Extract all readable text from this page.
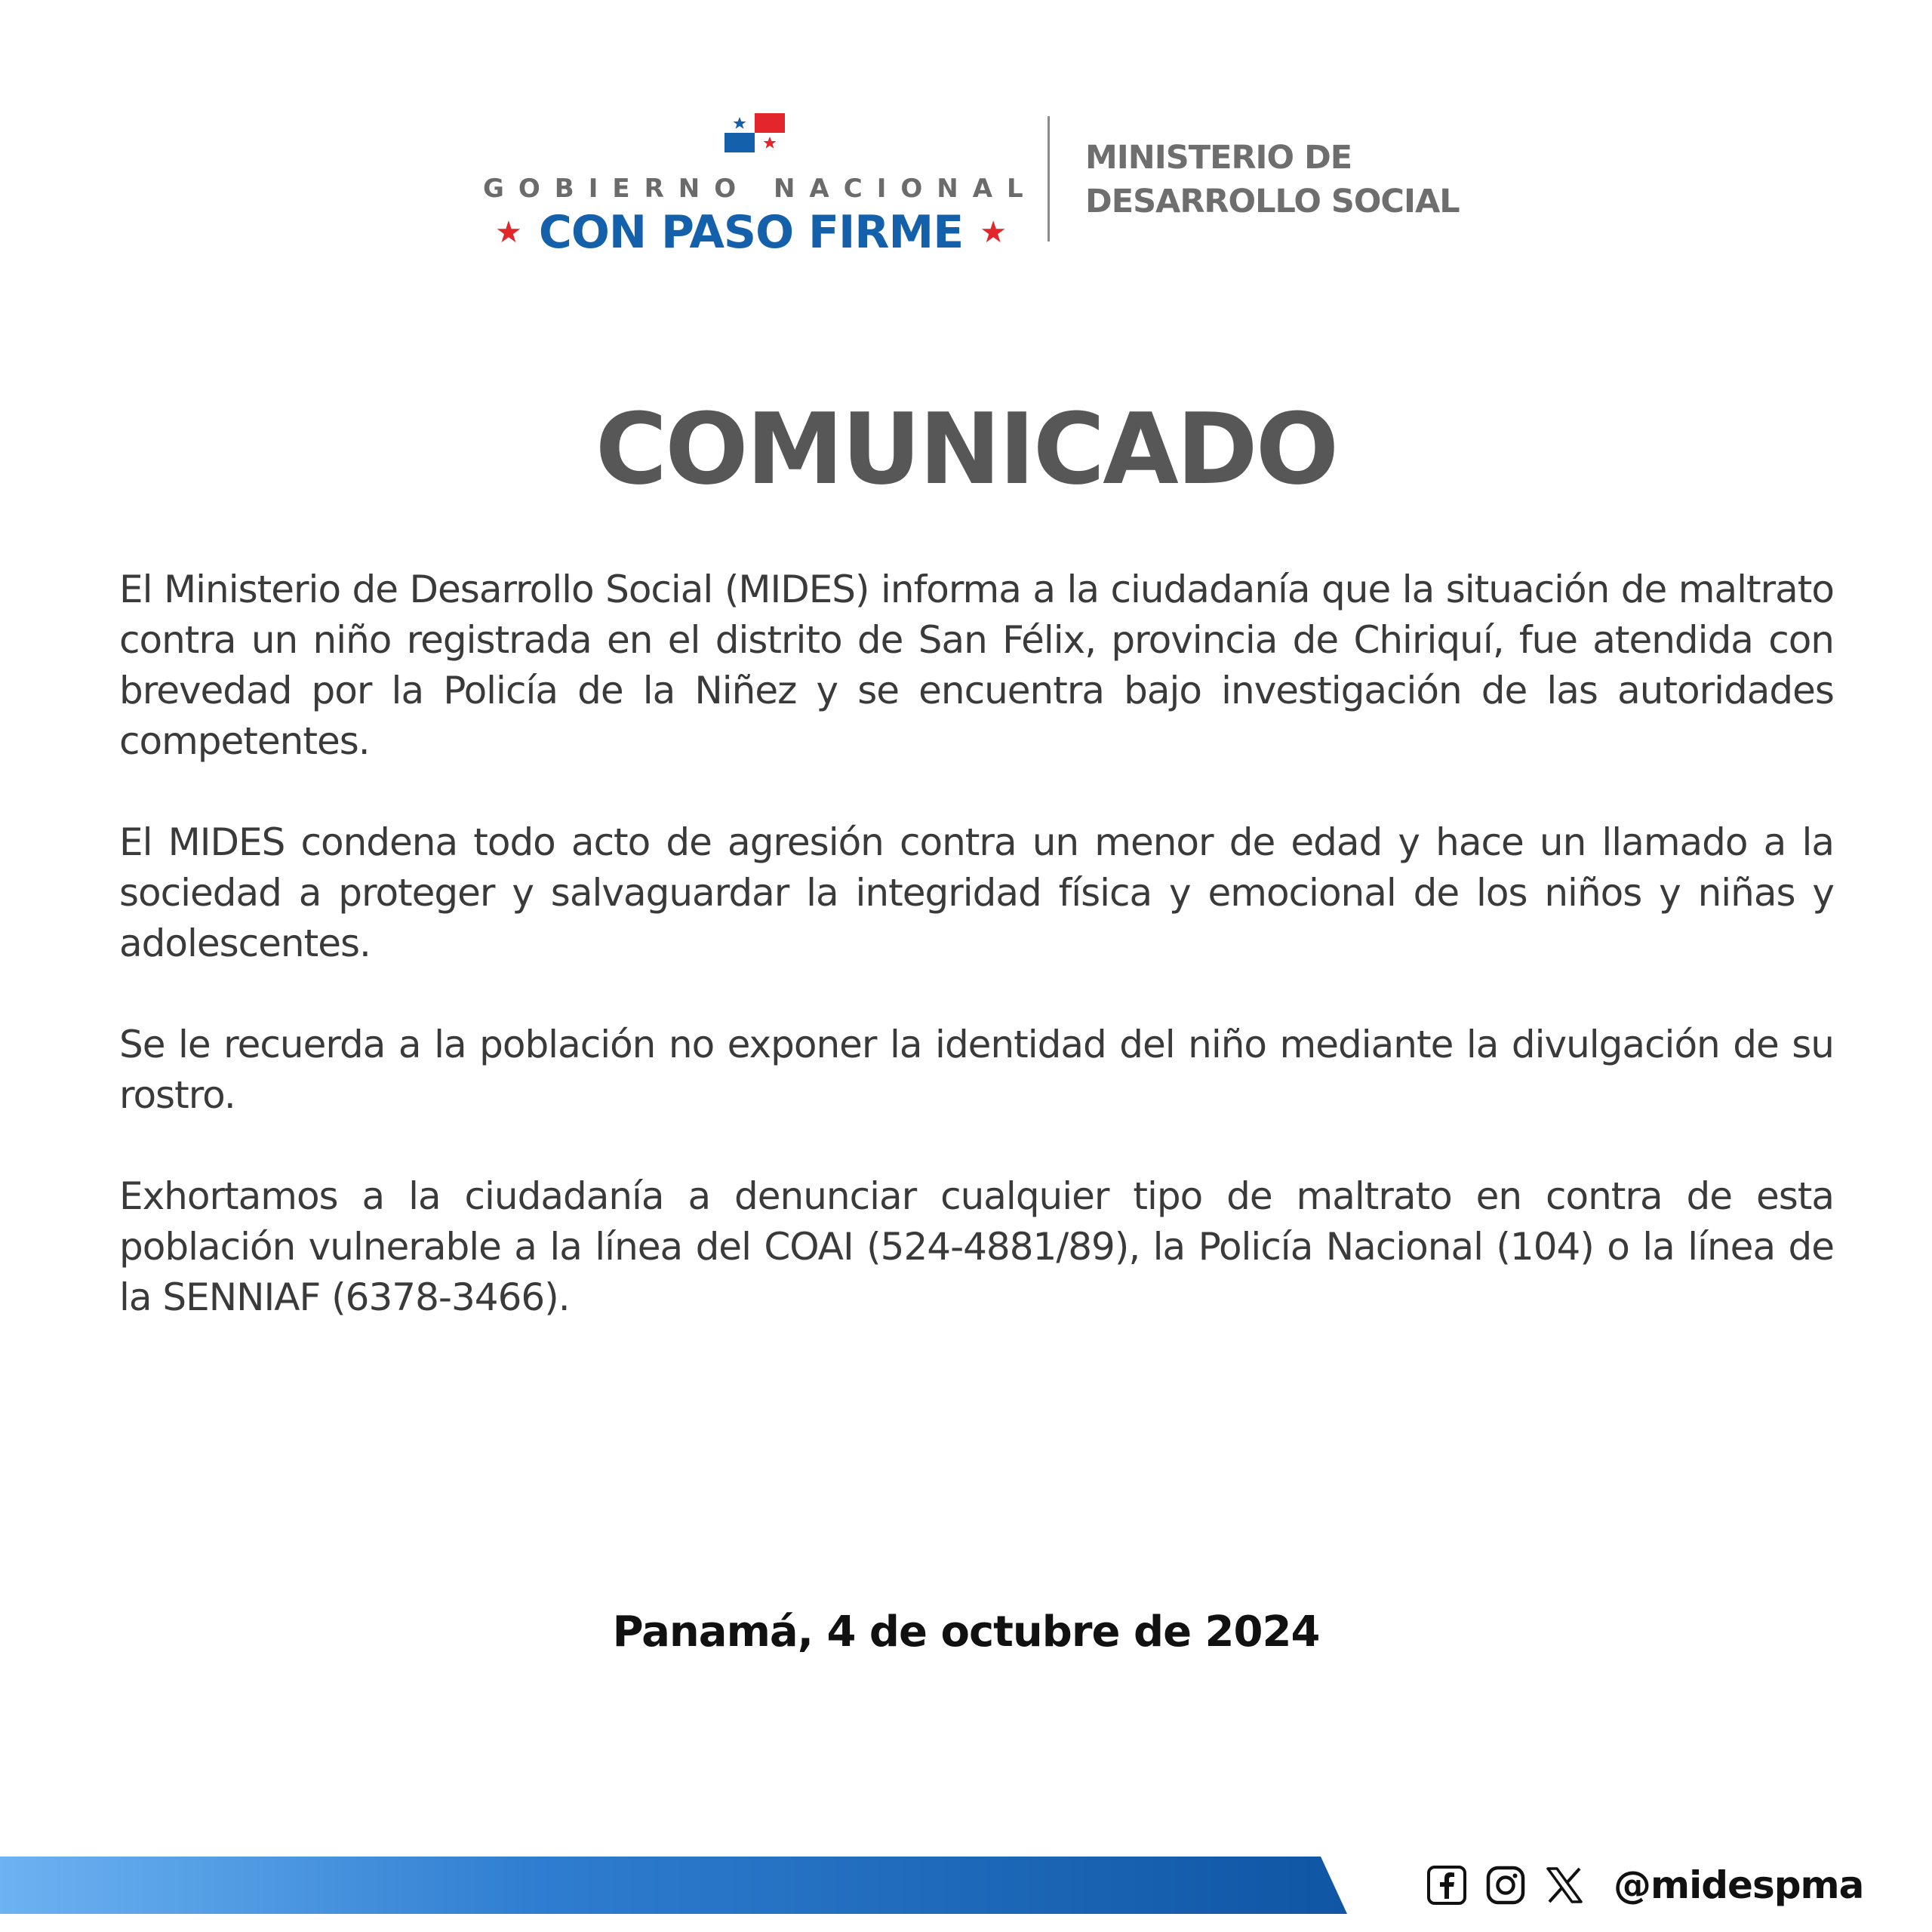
GOBIERNO NACIONAL
★ CON PASO FIRME ★
MINISTERIO DE
DESARROLLO SOCIAL
COMUNICADO

El Ministerio de Desarrollo Social (MIDES) informa a la ciudadanía que la situación de maltrato contra un niño registrada en el distrito de San Félix, provincia de Chiriquí, fue atendida con brevedad por la Policía de la Niñez y se encuentra bajo investigación de las autoridades competentes.

El MIDES condena todo acto de agresión contra un menor de edad y hace un llamado a la sociedad a proteger y salvaguardar la integridad física y emocional de los niños y niñas y adolescentes.

Se le recuerda a la población no exponer la identidad del niño mediante la divulgación de su rostro.

Exhortamos a la ciudadanía a denunciar cualquier tipo de maltrato en contra de esta población vulnerable a la línea del COAI (524-4881/89), la Policía Nacional (104) o la línea de la SENNIAF (6378-3466).

Panamá, 4 de octubre de 2024
@midespma
